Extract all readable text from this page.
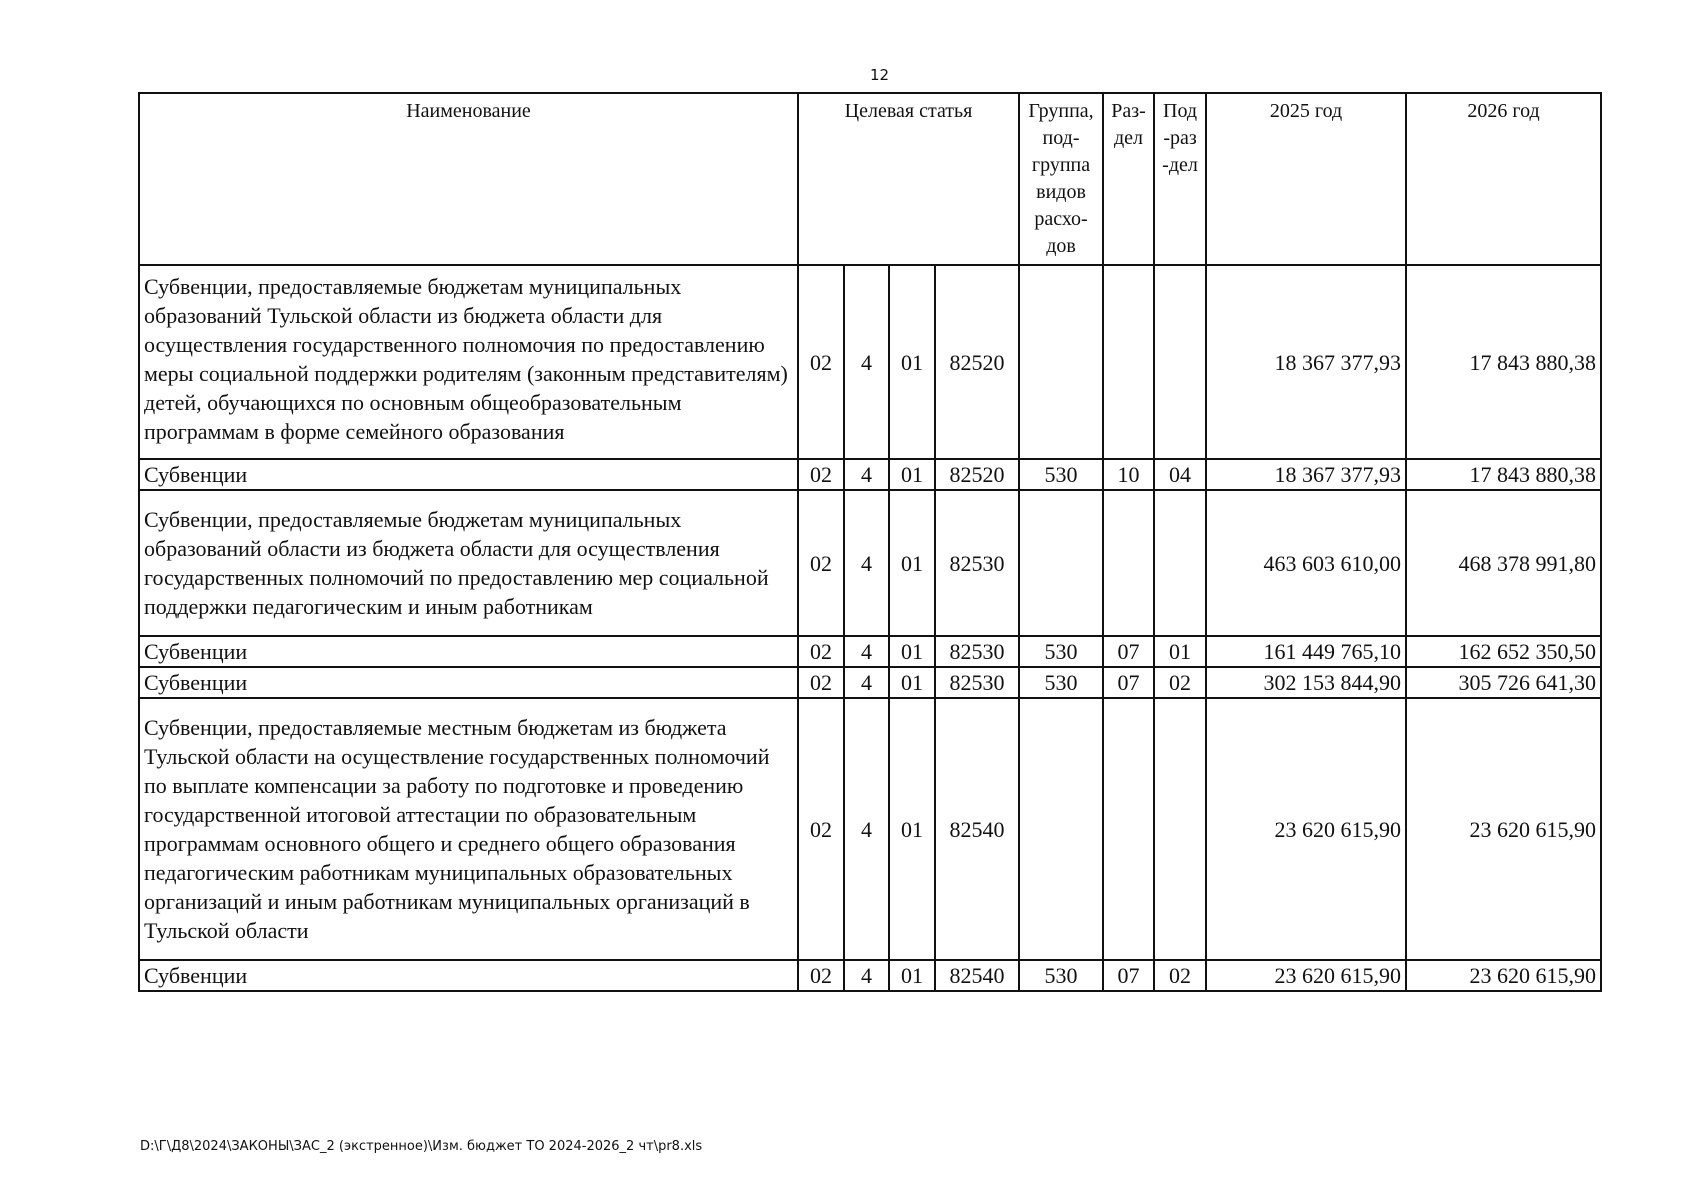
12
Наименование	Целевая статья				Группа, под-группа видов расхо-дов	Раз-дел	Под-раз-дел	2025 год	2026 год
Субвенции, предоставляемые бюджетам муниципальных образований Тульской области из бюджета области для осуществления государственного полномочия по предоставлению меры социальной поддержки родителям (законным представителям) детей, обучающихся по основным общеобразовательным программам в форме семейного образования	02	4	01	82520				18 367 377,93	17 843 880,38
Субвенции	02	4	01	82520	530	10	04	18 367 377,93	17 843 880,38
Субвенции, предоставляемые бюджетам муниципальных образований области из бюджета области для осуществления государственных полномочий по предоставлению мер социальной поддержки педагогическим и иным работникам	02	4	01	82530				463 603 610,00	468 378 991,80
Субвенции	02	4	01	82530	530	07	01	161 449 765,10	162 652 350,50
Субвенции	02	4	01	82530	530	07	02	302 153 844,90	305 726 641,30
Субвенции, предоставляемые местным бюджетам из бюджета Тульской области на осуществление государственных полномочий по выплате компенсации за работу по подготовке и проведению государственной итоговой аттестации по образовательным программам основного общего и среднего общего образования педагогическим работникам муниципальных образовательных организаций и иным работникам муниципальных организаций в Тульской области	02	4	01	82540				23 620 615,90	23 620 615,90
Субвенции	02	4	01	82540	530	07	02	23 620 615,90	23 620 615,90
D:\Г\Д8\2024\ЗАКОНЫ\ЗАС_2 (экстренное)\Изм. бюджет ТО 2024-2026_2 чт\pr8.xls
